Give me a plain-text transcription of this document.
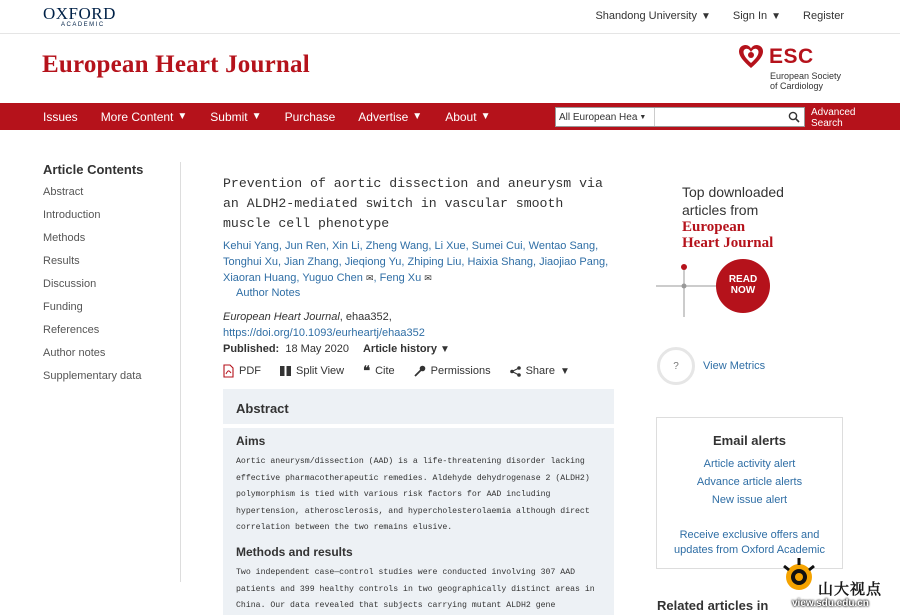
OXFORD
ACADEMIC
Shandong University ▼ Sign In ▼ Register
European Heart Journal	ESC
European Society
of Cardiology
Issues More Content ▼ Submit ▼ Purchase Advertise ▼ About ▼	All European Hea ▼	Advanced
Search
Article Contents
Abstract
Introduction
Methods
Results
Discussion
Funding
References
Author notes
Supplementary data
Prevention of aortic dissection and aneurysm via an ALDH2-mediated switch in vascular smooth muscle cell phenotype
Kehui Yang, Jun Ren, Xin Li, Zheng Wang, Li Xue, Sumei Cui, Wentao Sang, Tonghui Xu, Jian Zhang, Jieqiong Yu, Zhiping Liu, Haixia Shang, Jiaojiao Pang, Xiaoran Huang, Yuguo Chen ✉, Feng Xu ✉
Author Notes
European Heart Journal, ehaa352,
https://doi.org/10.1093/eurheartj/ehaa352
Published: 18 May 2020 Article history ▼
PDF	Split View ❝ Cite	Permissions	Share ▼
Abstract
Aims
Aortic aneurysm/dissection (AAD) is a life-threatening disorder lacking effective pharmacotherapeutic remedies. Aldehyde dehydrogenase 2 (ALDH2) polymorphism is tied with various risk factors for AAD including hypertension, atherosclerosis, and hypercholesterolaemia although direct correlation between the two remains elusive.
Methods and results
Two independent case—control studies were conducted involving 307 AAD patients and 399 healthy controls in two geographically distinct areas in China. Our data revealed that subjects carrying mutant ALDH2 gene
Top downloaded
articles from
European
Heart Journal
READ
NOW
?	View Metrics
Email alerts
Article activity alert
Advance article alerts
New issue alert
Receive exclusive offers and
updates from Oxford Academic
Related articles in
山大视点
view.sdu.edu.cn
